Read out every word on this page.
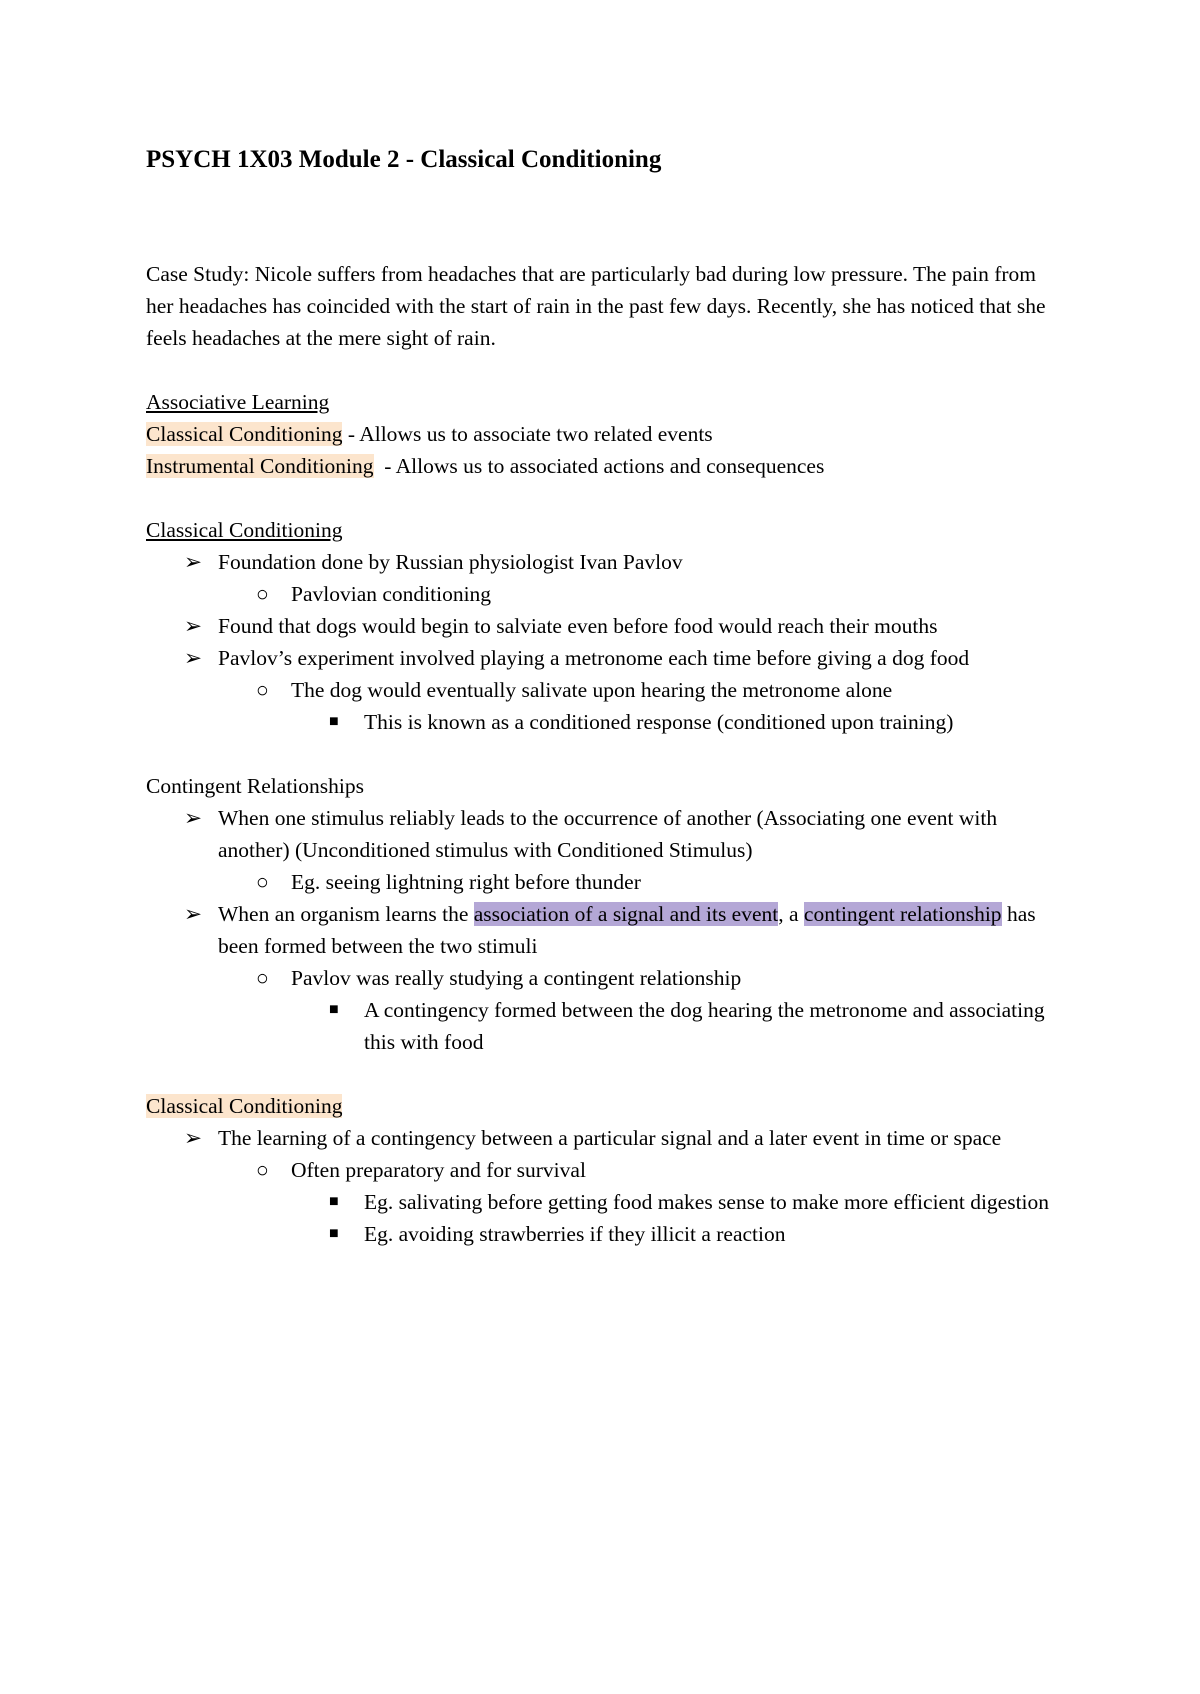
PSYCH 1X03 Module 2 - Classical Conditioning

Case Study: Nicole suffers from headaches that are particularly bad during low pressure. The pain from her headaches has coincided with the start of rain in the past few days. Recently, she has noticed that she feels headaches at the mere sight of rain.

Associative Learning

Classical Conditioning - Allows us to associate two related events

Instrumental Conditioning  - Allows us to associated actions and consequences

Classical Conditioning

➢ Foundation done by Russian physiologist Ivan Pavlov
○ Pavlovian conditioning
➢ Found that dogs would begin to salviate even before food would reach their mouths
➢ Pavlov’s experiment involved playing a metronome each time before giving a dog food
○ The dog would eventually salivate upon hearing the metronome alone
■ This is known as a conditioned response (conditioned upon training)

Contingent Relationships

➢ When one stimulus reliably leads to the occurrence of another (Associating one event with another) (Unconditioned stimulus with Conditioned Stimulus)
○ Eg. seeing lightning right before thunder
➢ When an organism learns the association of a signal and its event, a contingent relationship has been formed between the two stimuli
○ Pavlov was really studying a contingent relationship
■ A contingency formed between the dog hearing the metronome and associating this with food

Classical Conditioning

➢ The learning of a contingency between a particular signal and a later event in time or space
○ Often preparatory and for survival
■ Eg. salivating before getting food makes sense to make more efficient digestion
■ Eg. avoiding strawberries if they illicit a reaction
